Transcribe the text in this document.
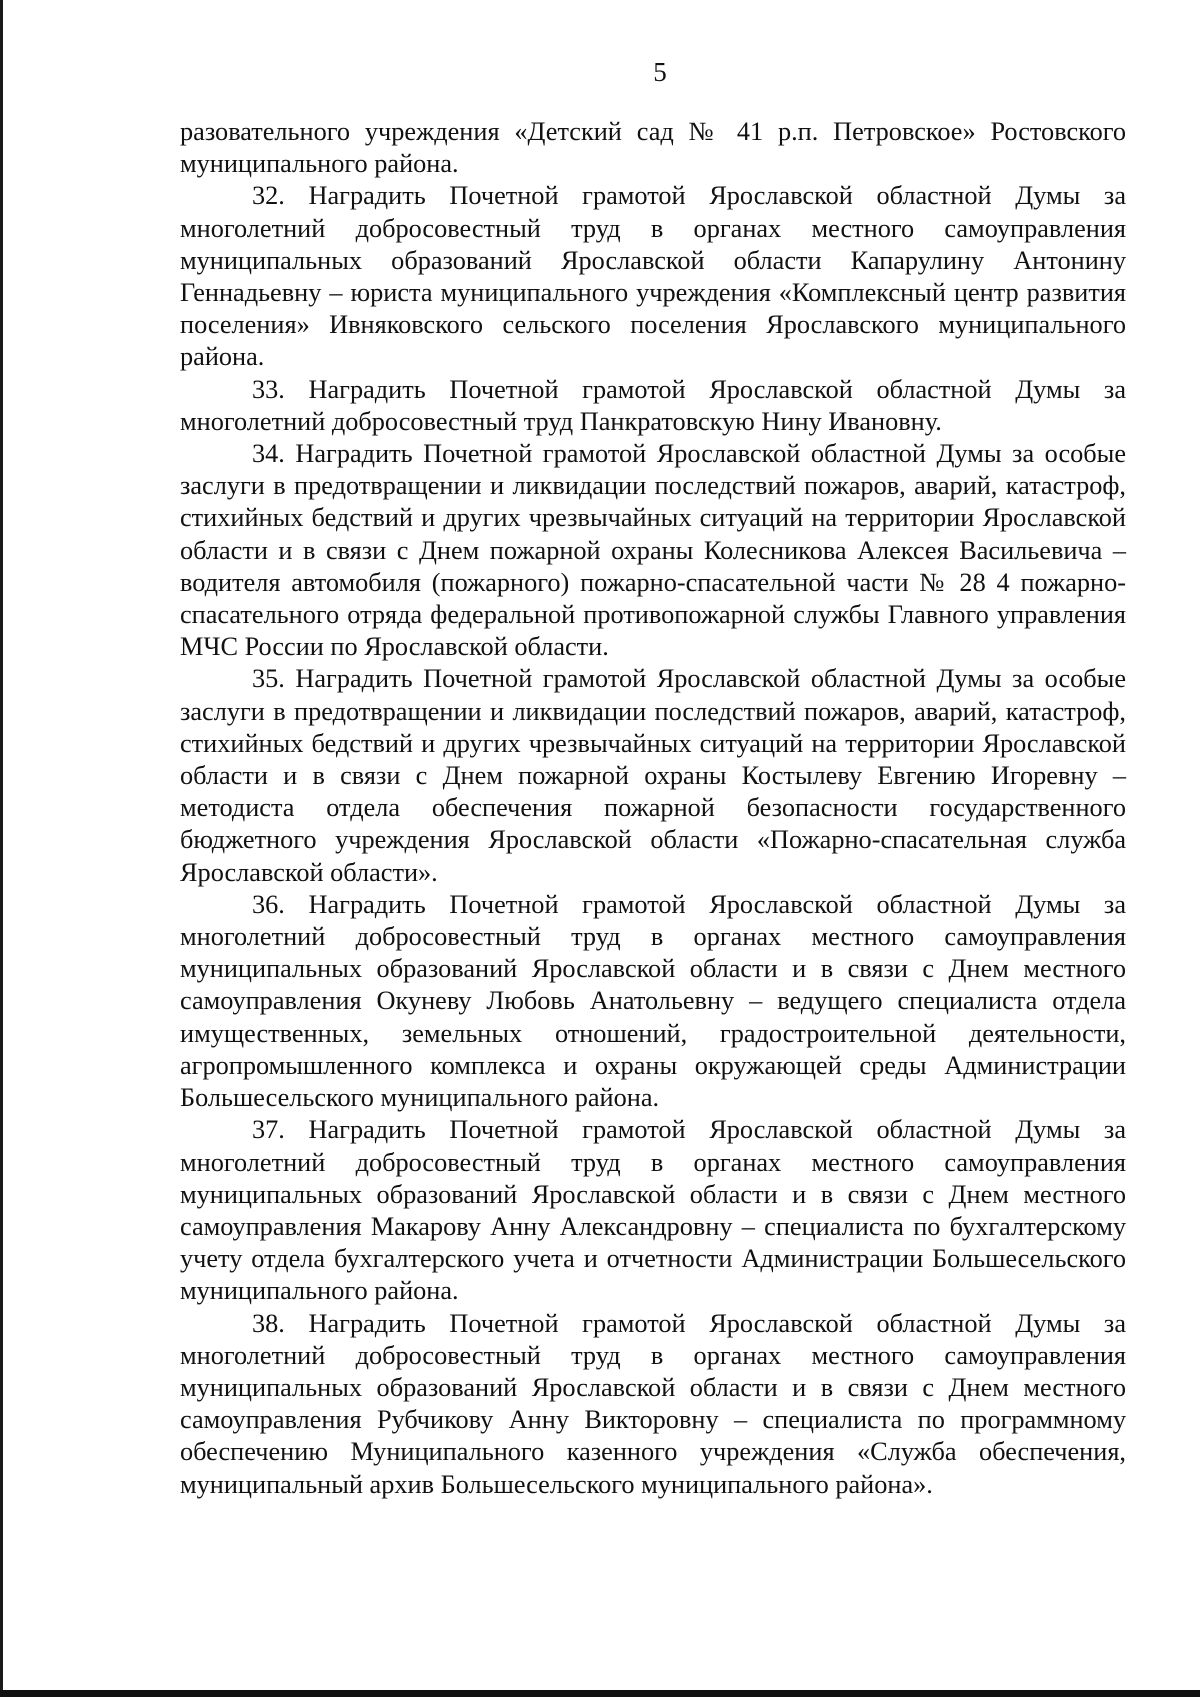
5

разовательного учреждения «Детский сад № 41 р.п. Петровское» Ростовского муниципального района.

32. Наградить Почетной грамотой Ярославской областной Думы за многолетний добросовестный труд в органах местного самоуправления муниципальных образований Ярославской области Капарулину Антонину Геннадьевну – юриста муниципального учреждения «Комплексный центр развития поселения» Ивняковского сельского поселения Ярославского муниципального района.

33. Наградить Почетной грамотой Ярославской областной Думы за многолетний добросовестный труд Панкратовскую Нину Ивановну.

34. Наградить Почетной грамотой Ярославской областной Думы за особые заслуги в предотвращении и ликвидации последствий пожаров, аварий, катастроф, стихийных бедствий и других чрезвычайных ситуаций на территории Ярославской области и в связи с Днем пожарной охраны Колесникова Алексея Васильевича – водителя автомобиля (пожарного) пожарно-спасательной части № 28 4 пожарно-спасательного отряда федеральной противопожарной службы Главного управления МЧС России по Ярославской области.

35. Наградить Почетной грамотой Ярославской областной Думы за особые заслуги в предотвращении и ликвидации последствий пожаров, аварий, катастроф, стихийных бедствий и других чрезвычайных ситуаций на территории Ярославской области и в связи с Днем пожарной охраны Костылеву Евгению Игоревну – методиста отдела обеспечения пожарной безопасности государственного бюджетного учреждения Ярославской области «Пожарно-спасательная служба Ярославской области».

36. Наградить Почетной грамотой Ярославской областной Думы за многолетний добросовестный труд в органах местного самоуправления муниципальных образований Ярославской области и в связи с Днем местного самоуправления Окуневу Любовь Анатольевну – ведущего специалиста отдела имущественных, земельных отношений, градостроительной деятельности, агропромышленного комплекса и охраны окружающей среды Администрации Большесельского муниципального района.

37. Наградить Почетной грамотой Ярославской областной Думы за многолетний добросовестный труд в органах местного самоуправления муниципальных образований Ярославской области и в связи с Днем местного самоуправления Макарову Анну Александровну – специалиста по бухгалтерскому учету отдела бухгалтерского учета и отчетности Администрации Большесельского муниципального района.

38. Наградить Почетной грамотой Ярославской областной Думы за многолетний добросовестный труд в органах местного самоуправления муниципальных образований Ярославской области и в связи с Днем местного самоуправления Рубчикову Анну Викторовну – специалиста по программному обеспечению Муниципального казенного учреждения «Служба обеспечения, муниципальный архив Большесельского муниципального района».
